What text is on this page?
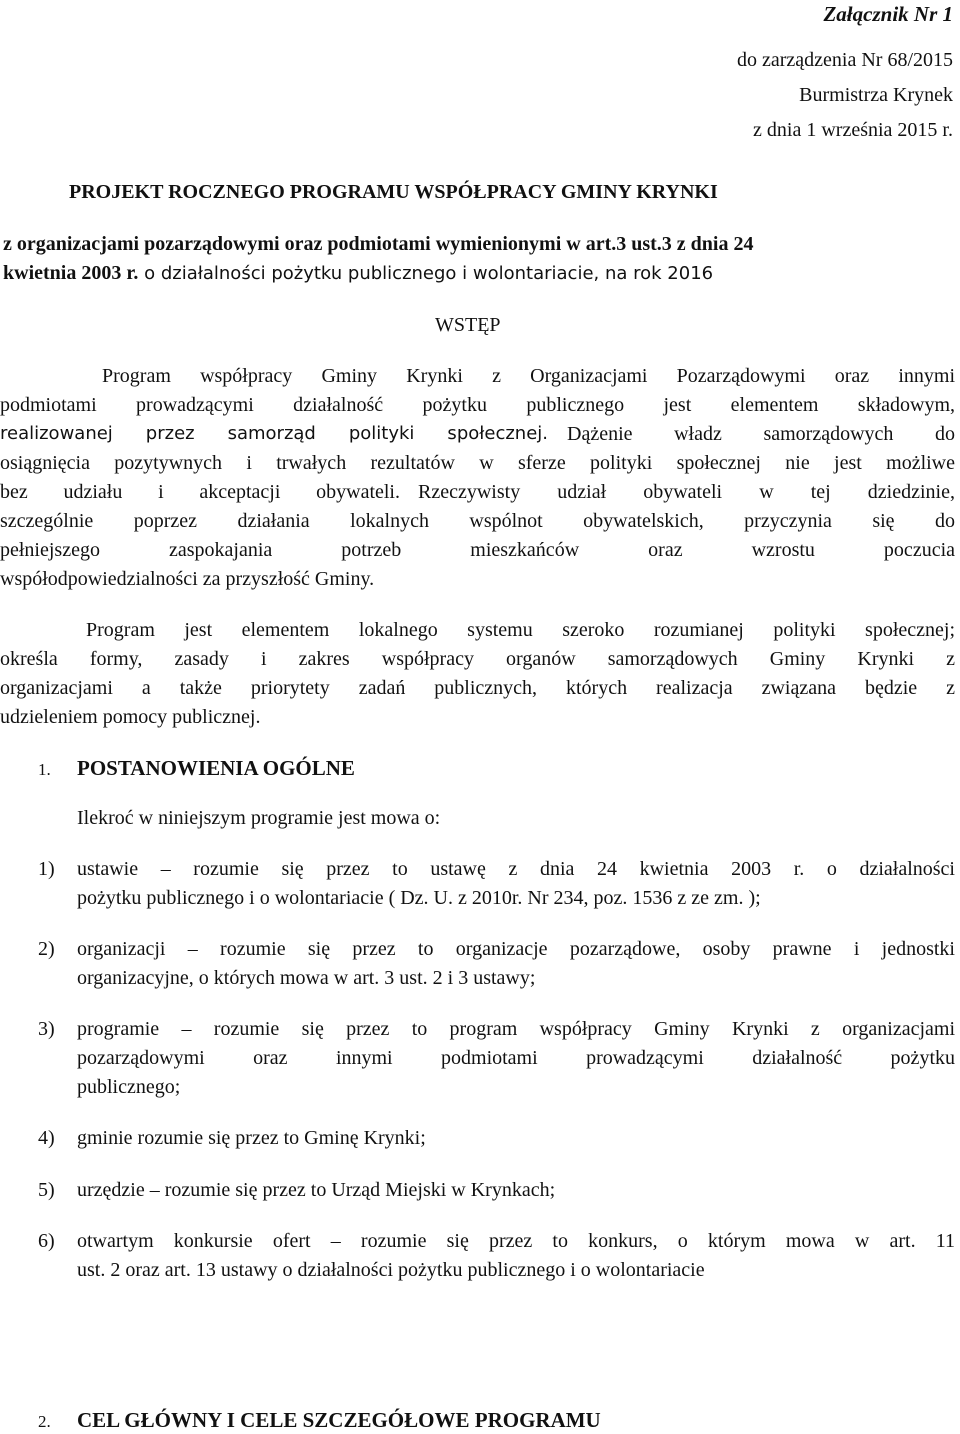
Załącznik Nr 1
do zarządzenia Nr 68/2015
Burmistrza Krynek
z dnia 1 września 2015 r.
PROJEKT ROCZNEGO PROGRAMU WSPÓŁPRACY GMINY KRYNKI
z organizacjami pozarządowymi oraz podmiotami wymienionymi w art.3 ust.3 z dnia 24
kwietnia 2003 r. o działalności pożytku publicznego i wolontariacie, na rok 2016
WSTĘP
Program współpracy Gminy Krynki z Organizacjami Pozarządowymi oraz innymi
podmiotami prowadzącymi działalność pożytku publicznego jest elementem składowym,
realizowanej przez samorząd polityki społecznej. Dążenie władz samorządowych do
osiągnięcia pozytywnych i trwałych rezultatów w sferze polityki społecznej nie jest możliwe
bez udziału i akceptacji obywateli. Rzeczywisty udział obywateli w tej dziedzinie,
szczególnie poprzez działania lokalnych wspólnot obywatelskich, przyczynia się do
pełniejszego zaspokajania potrzeb mieszkańców oraz wzrostu poczucia
współodpowiedzialności za przyszłość Gminy.
Program jest elementem lokalnego systemu szeroko rozumianej polityki społecznej;
określa formy, zasady i zakres współpracy organów samorządowych Gminy Krynki z
organizacjami a także priorytety zadań publicznych, których realizacja związana będzie z
udzieleniem pomocy publicznej.
1. POSTANOWIENIA OGÓLNE
Ilekroć w niniejszym programie jest mowa o:
1) ustawie – rozumie się przez to ustawę z dnia 24 kwietnia 2003 r. o działalności
pożytku publicznego i o wolontariacie ( Dz. U. z 2010r. Nr 234, poz. 1536 z ze zm. );
2) organizacji – rozumie się przez to organizacje pozarządowe, osoby prawne i jednostki
organizacyjne, o których mowa w art. 3 ust. 2 i 3 ustawy;
3) programie – rozumie się przez to program współpracy Gminy Krynki z organizacjami
pozarządowymi oraz innymi podmiotami prowadzącymi działalność pożytku
publicznego;
4) gminie rozumie się przez to Gminę Krynki;
5) urzędzie – rozumie się przez to Urząd Miejski w Krynkach;
6) otwartym konkursie ofert – rozumie się przez to konkurs, o którym mowa w art. 11
ust. 2 oraz art. 13 ustawy o działalności pożytku publicznego i o wolontariacie
2. CEL GŁÓWNY I CELE SZCZEGÓŁOWE PROGRAMU
